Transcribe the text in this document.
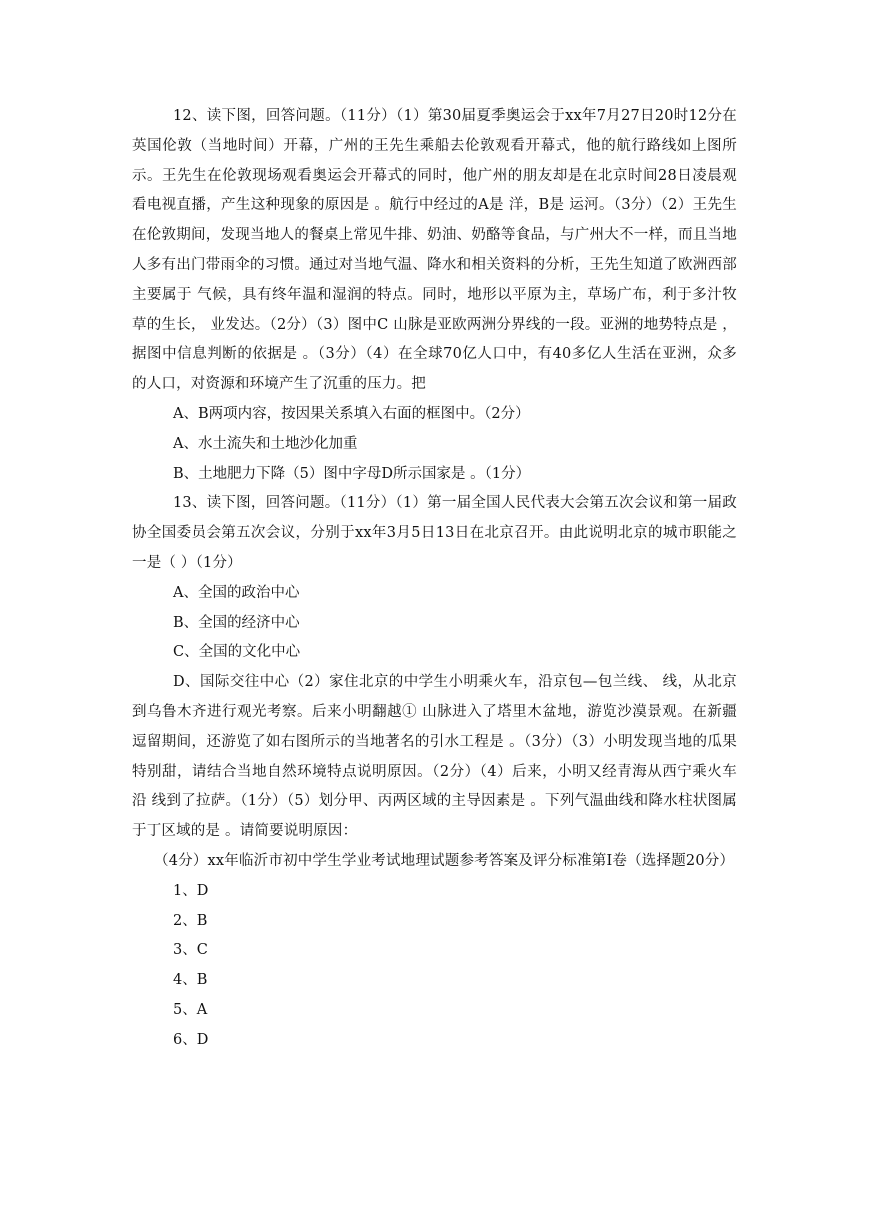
12、读下图，回答问题。（11分）（1）第30届夏季奥运会于xx年7月27日20时12分在英国伦敦（当地时间）开幕，广州的王先生乘船去伦敦观看开幕式，他的航行路线如上图所示。王先生在伦敦现场观看奥运会开幕式的同时，他广州的朋友却是在北京时间28日凌晨观看电视直播，产生这种现象的原因是 。航行中经过的A是 洋，B是 运河。（3分）（2）王先生在伦敦期间，发现当地人的餐桌上常见牛排、奶油、奶酪等食品，与广州大不一样，而且当地人多有出门带雨伞的习惯。通过对当地气温、降水和相关资料的分析，王先生知道了欧洲西部主要属于 气候，具有终年温和湿润的特点。同时，地形以平原为主，草场广布，利于多汁牧草的生长， 业发达。（2分）（3）图中C 山脉是亚欧两洲分界线的一段。亚洲的地势特点是 ，据图中信息判断的依据是 。（3分）（4）在全球70亿人口中，有40多亿人生活在亚洲，众多的人口，对资源和环境产生了沉重的压力。把

A、B两项内容，按因果关系填入右面的框图中。（2分）

A、水土流失和土地沙化加重

B、土地肥力下降（5）图中字母D所示国家是 。（1分）

13、读下图，回答问题。（11分）（1）第一届全国人民代表大会第五次会议和第一届政协全国委员会第五次会议，分别于xx年3月5日13日在北京召开。由此说明北京的城市职能之一是（ ）（1分）

A、全国的政治中心

B、全国的经济中心

C、全国的文化中心

D、国际交往中心（2）家住北京的中学生小明乘火车，沿京包—包兰线、 线，从北京到乌鲁木齐进行观光考察。后来小明翻越① 山脉进入了塔里木盆地，游览沙漠景观。在新疆逗留期间，还游览了如右图所示的当地著名的引水工程是 。（3分）（3）小明发现当地的瓜果特别甜，请结合当地自然环境特点说明原因。（2分）（4）后来，小明又经青海从西宁乘火车沿 线到了拉萨。（1分）（5）划分甲、丙两区域的主导因素是 。下列气温曲线和降水柱状图属于丁区域的是 。请简要说明原因：

（4分）xx年临沂市初中学生学业考试地理试题参考答案及评分标准第Ⅰ卷（选择题20分）

1、D

2、B

3、C

4、B

5、A

6、D
